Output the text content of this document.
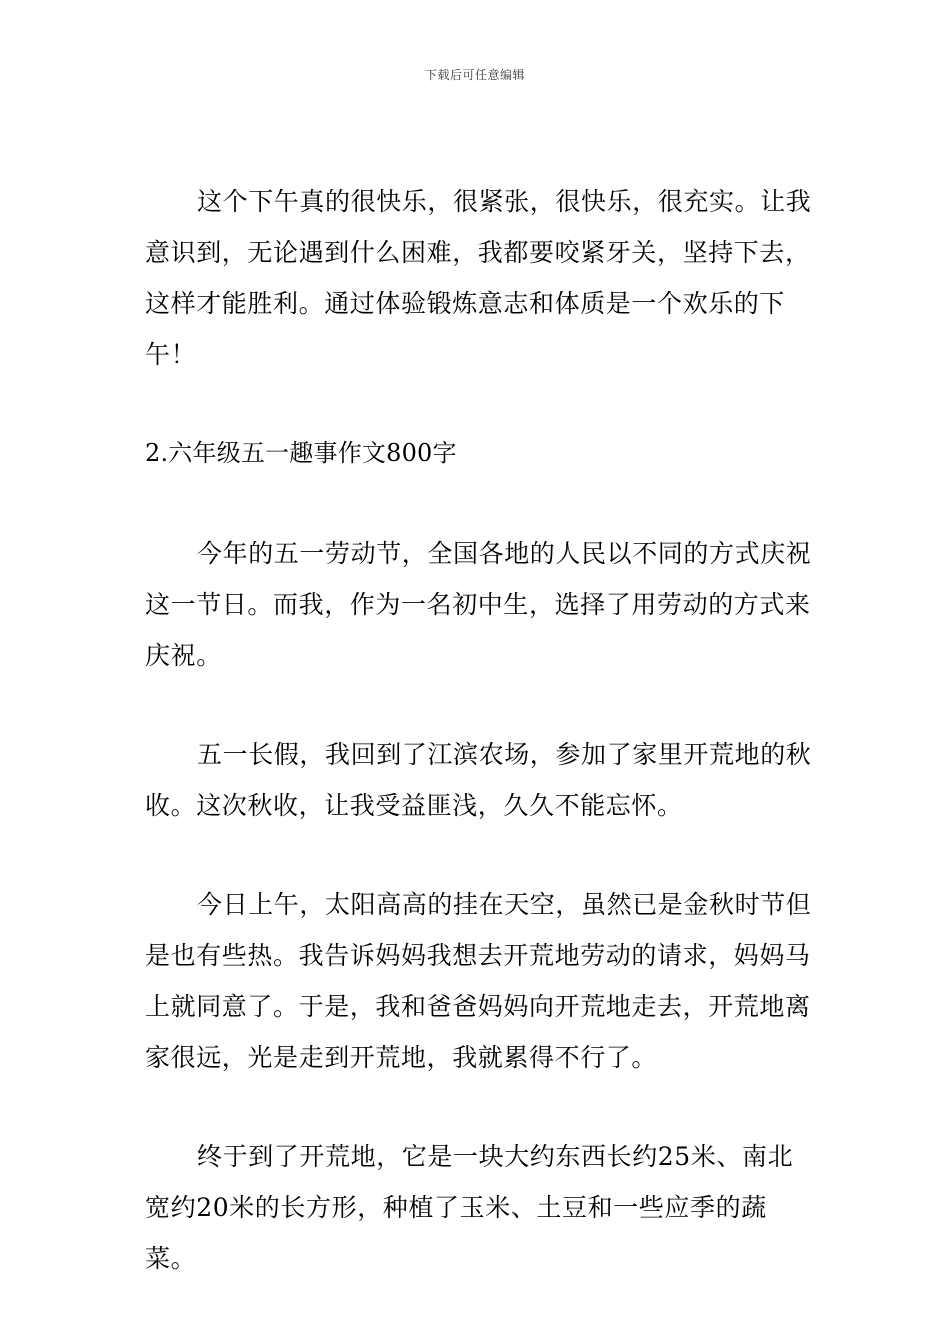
下载后可任意编辑

这个下午真的很快乐，很紧张，很快乐，很充实。让我意识到，无论遇到什么困难，我都要咬紧牙关，坚持下去，这样才能胜利。通过体验锻炼意志和体质是一个欢乐的下午！

2.六年级五一趣事作文800字

今年的五一劳动节，全国各地的人民以不同的方式庆祝这一节日。而我，作为一名初中生，选择了用劳动的方式来庆祝。

五一长假，我回到了江滨农场，参加了家里开荒地的秋收。这次秋收，让我受益匪浅，久久不能忘怀。

今日上午，太阳高高的挂在天空，虽然已是金秋时节但是也有些热。我告诉妈妈我想去开荒地劳动的请求，妈妈马上就同意了。于是，我和爸爸妈妈向开荒地走去，开荒地离家很远，光是走到开荒地，我就累得不行了。

终于到了开荒地，它是一块大约东西长约25米、南北宽约20米的长方形，种植了玉米、土豆和一些应季的蔬菜。
